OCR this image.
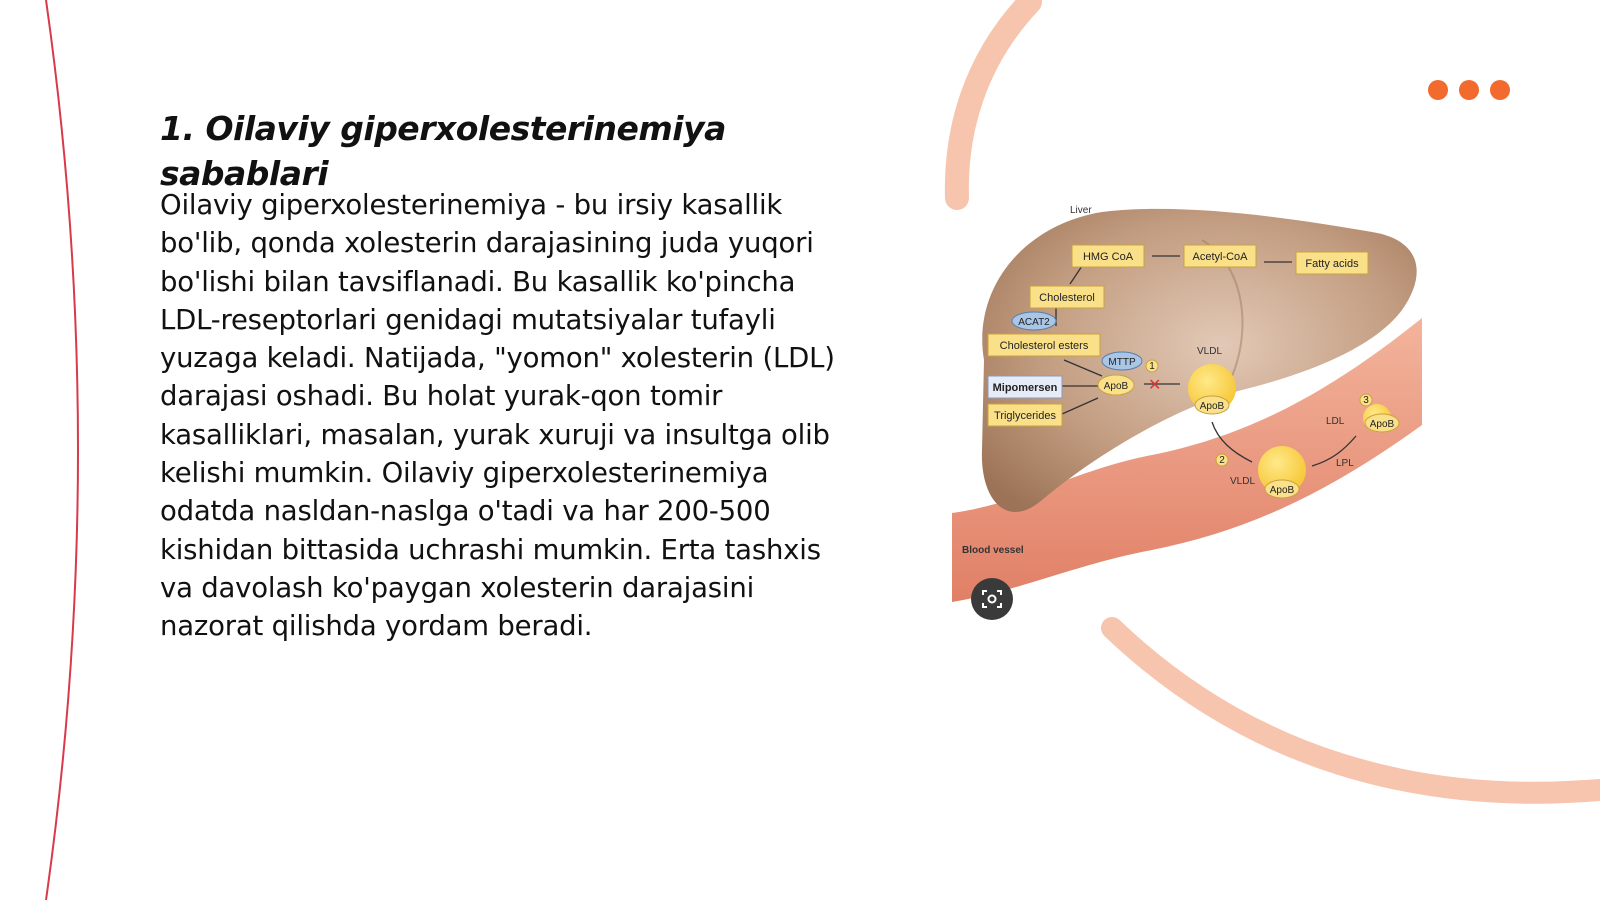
1. Oilaviy giperxolesterinemiya sabablari

Oilaviy giperxolesterinemiya - bu irsiy kasallik bo'lib, qonda xolesterin darajasining juda yuqori bo'lishi bilan tavsiflanadi. Bu kasallik ko'pincha LDL-reseptorlari genidagi mutatsiyalar tufayli yuzaga keladi. Natijada, "yomon" xolesterin (LDL) darajasi oshadi. Bu holat yurak-qon tomir kasalliklari, masalan, yurak xuruji va insultga olib kelishi mumkin. Oilaviy giperxolesterinemiya odatda nasldan-naslga o'tadi va har 200-500 kishidan bittasida uchrashi mumkin. Erta tashxis va davolash ko'paygan xolesterin darajasini nazorat qilishda yordam beradi.

✕
HMG CoA	Acetyl-CoA
Fatty acids
Cholesterol
ACAT2
Cholesterol esters
MTTP
Mipomersen
Triglycerides
ApoB
ApoB
ApoB
ApoB
1
2
3
Liver
VLDL
VLDL
LDL
LPL
Blood vessel
